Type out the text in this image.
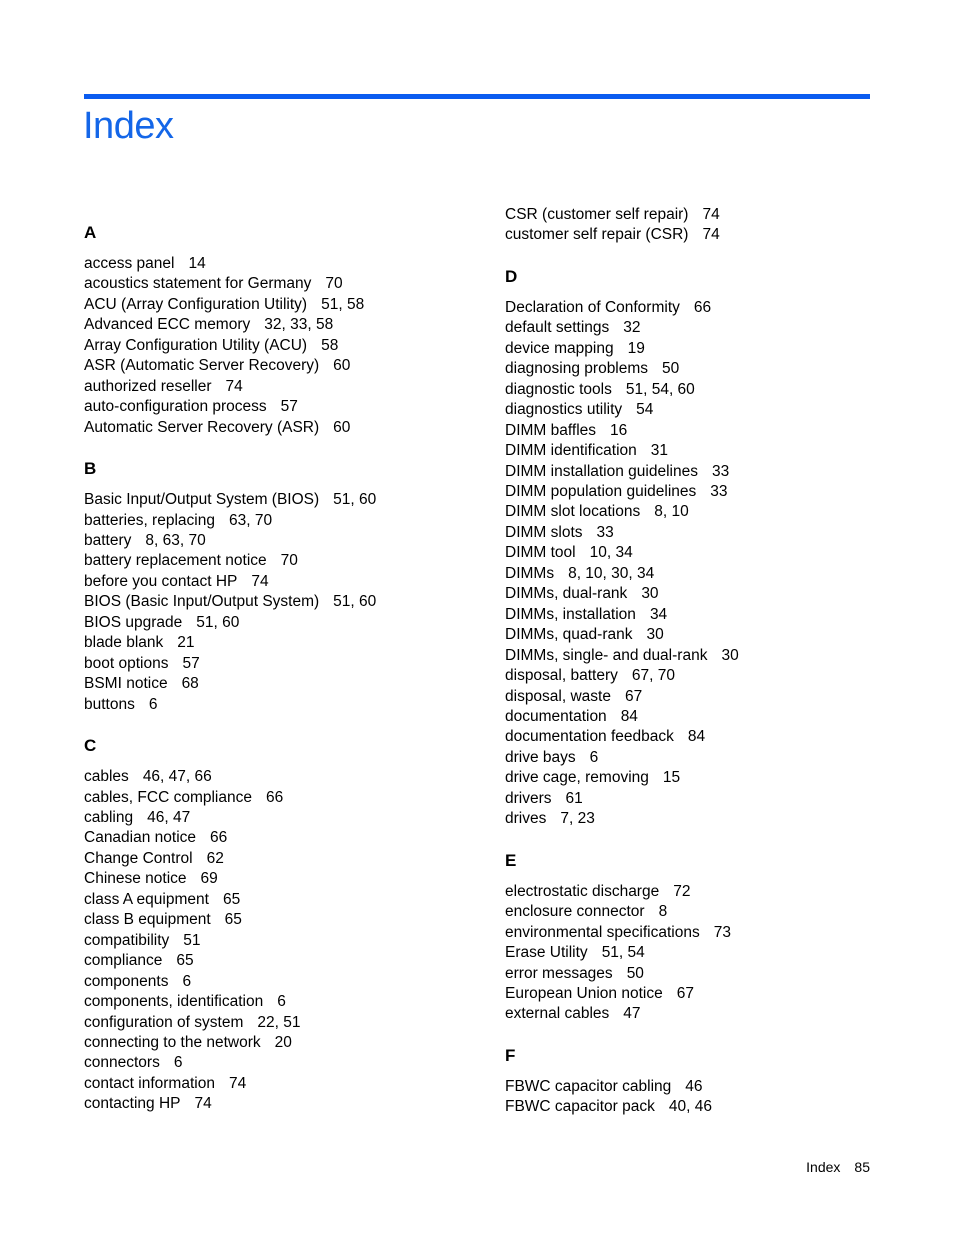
Index
A
access panel 14
acoustics statement for Germany 70
ACU (Array Configuration Utility) 51, 58
Advanced ECC memory 32, 33, 58
Array Configuration Utility (ACU) 58
ASR (Automatic Server Recovery) 60
authorized reseller 74
auto-configuration process 57
Automatic Server Recovery (ASR) 60
B
Basic Input/Output System (BIOS) 51, 60
batteries, replacing 63, 70
battery 8, 63, 70
battery replacement notice 70
before you contact HP 74
BIOS (Basic Input/Output System) 51, 60
BIOS upgrade 51, 60
blade blank 21
boot options 57
BSMI notice 68
buttons 6
C
cables 46, 47, 66
cables, FCC compliance 66
cabling 46, 47
Canadian notice 66
Change Control 62
Chinese notice 69
class A equipment 65
class B equipment 65
compatibility 51
compliance 65
components 6
components, identification 6
configuration of system 22, 51
connecting to the network 20
connectors 6
contact information 74
contacting HP 74
CSR (customer self repair) 74
customer self repair (CSR) 74
D
Declaration of Conformity 66
default settings 32
device mapping 19
diagnosing problems 50
diagnostic tools 51, 54, 60
diagnostics utility 54
DIMM baffles 16
DIMM identification 31
DIMM installation guidelines 33
DIMM population guidelines 33
DIMM slot locations 8, 10
DIMM slots 33
DIMM tool 10, 34
DIMMs 8, 10, 30, 34
DIMMs, dual-rank 30
DIMMs, installation 34
DIMMs, quad-rank 30
DIMMs, single- and dual-rank 30
disposal, battery 67, 70
disposal, waste 67
documentation 84
documentation feedback 84
drive bays 6
drive cage, removing 15
drivers 61
drives 7, 23
E
electrostatic discharge 72
enclosure connector 8
environmental specifications 73
Erase Utility 51, 54
error messages 50
European Union notice 67
external cables 47
F
FBWC capacitor cabling 46
FBWC capacitor pack 40, 46
Index 85
